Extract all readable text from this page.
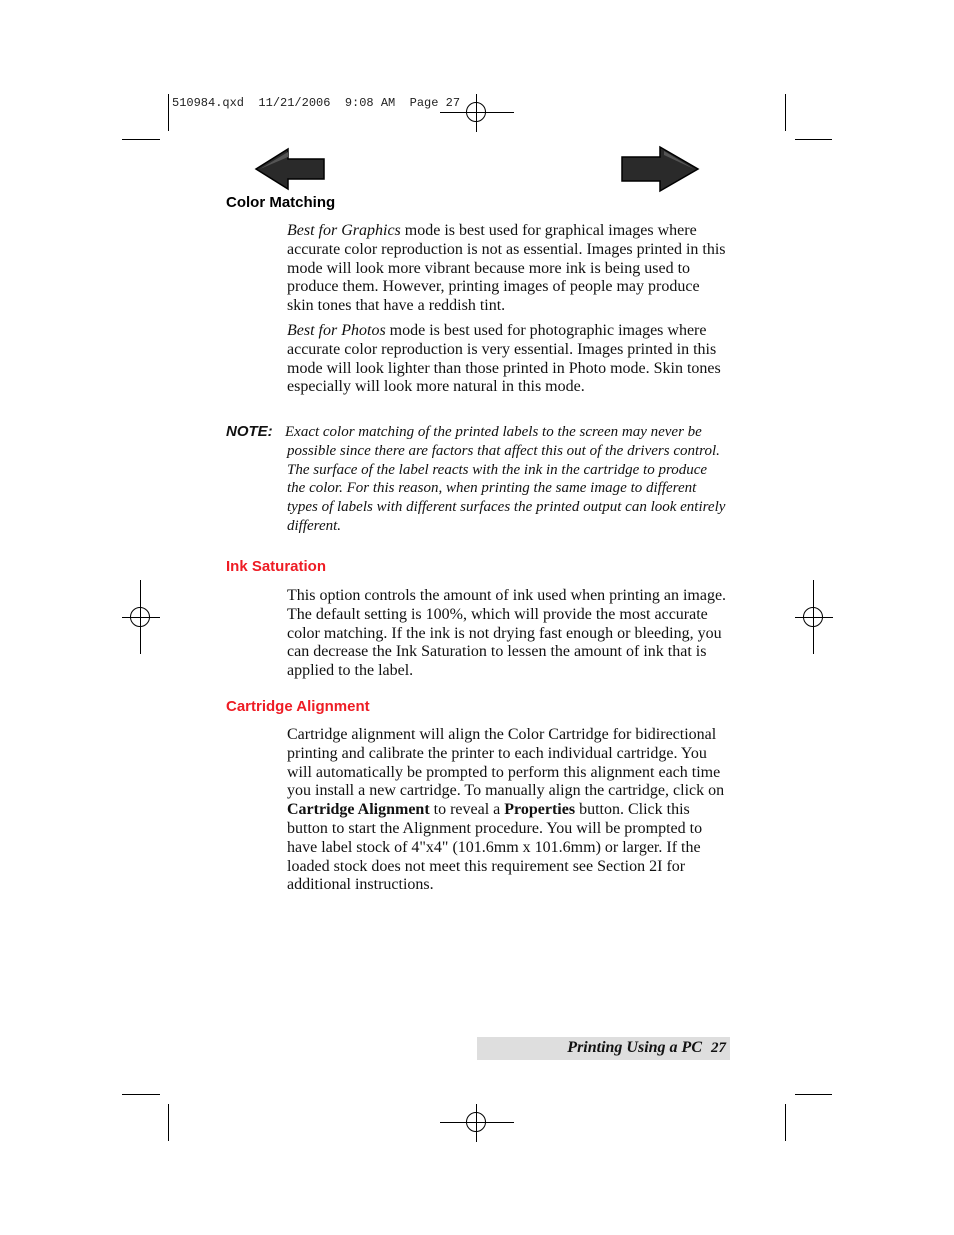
510984.qxd  11/21/2006  9:08 AM  Page 27
Color Matching
Best for Graphics mode is best used for graphical images where accurate color reproduction is not as essential. Images printed in this mode will look more vibrant because more ink is being used to produce them. However, printing images of people may produce skin tones that have a reddish tint.
Best for Photos mode is best used for photographic images where accurate color reproduction is very essential. Images printed in this mode will look lighter than those printed in Photo mode. Skin tones especially will look more natural in this mode.
NOTE: Exact color matching of the printed labels to the screen may never be possible since there are factors that affect this out of the drivers control. The surface of the label reacts with the ink in the cartridge to produce the color. For this reason, when printing the same image to different types of labels with different surfaces the printed output can look entirely different.
Ink Saturation
This option controls the amount of ink used when printing an image. The default setting is 100%, which will provide the most accurate color matching. If the ink is not drying fast enough or bleeding, you can decrease the Ink Saturation to lessen the amount of ink that is applied to the label.
Cartridge Alignment
Cartridge alignment will align the Color Cartridge for bidirectional printing and calibrate the printer to each individual cartridge. You will automatically be prompted to perform this alignment each time you install a new cartridge. To manually align the cartridge, click on Cartridge Alignment to reveal a Properties button. Click this button to start the Alignment procedure. You will be prompted to have label stock of 4"x4" (101.6mm x 101.6mm) or larger. If the loaded stock does not meet this requirement see Section 2I for additional instructions.
Printing Using a PC 27
